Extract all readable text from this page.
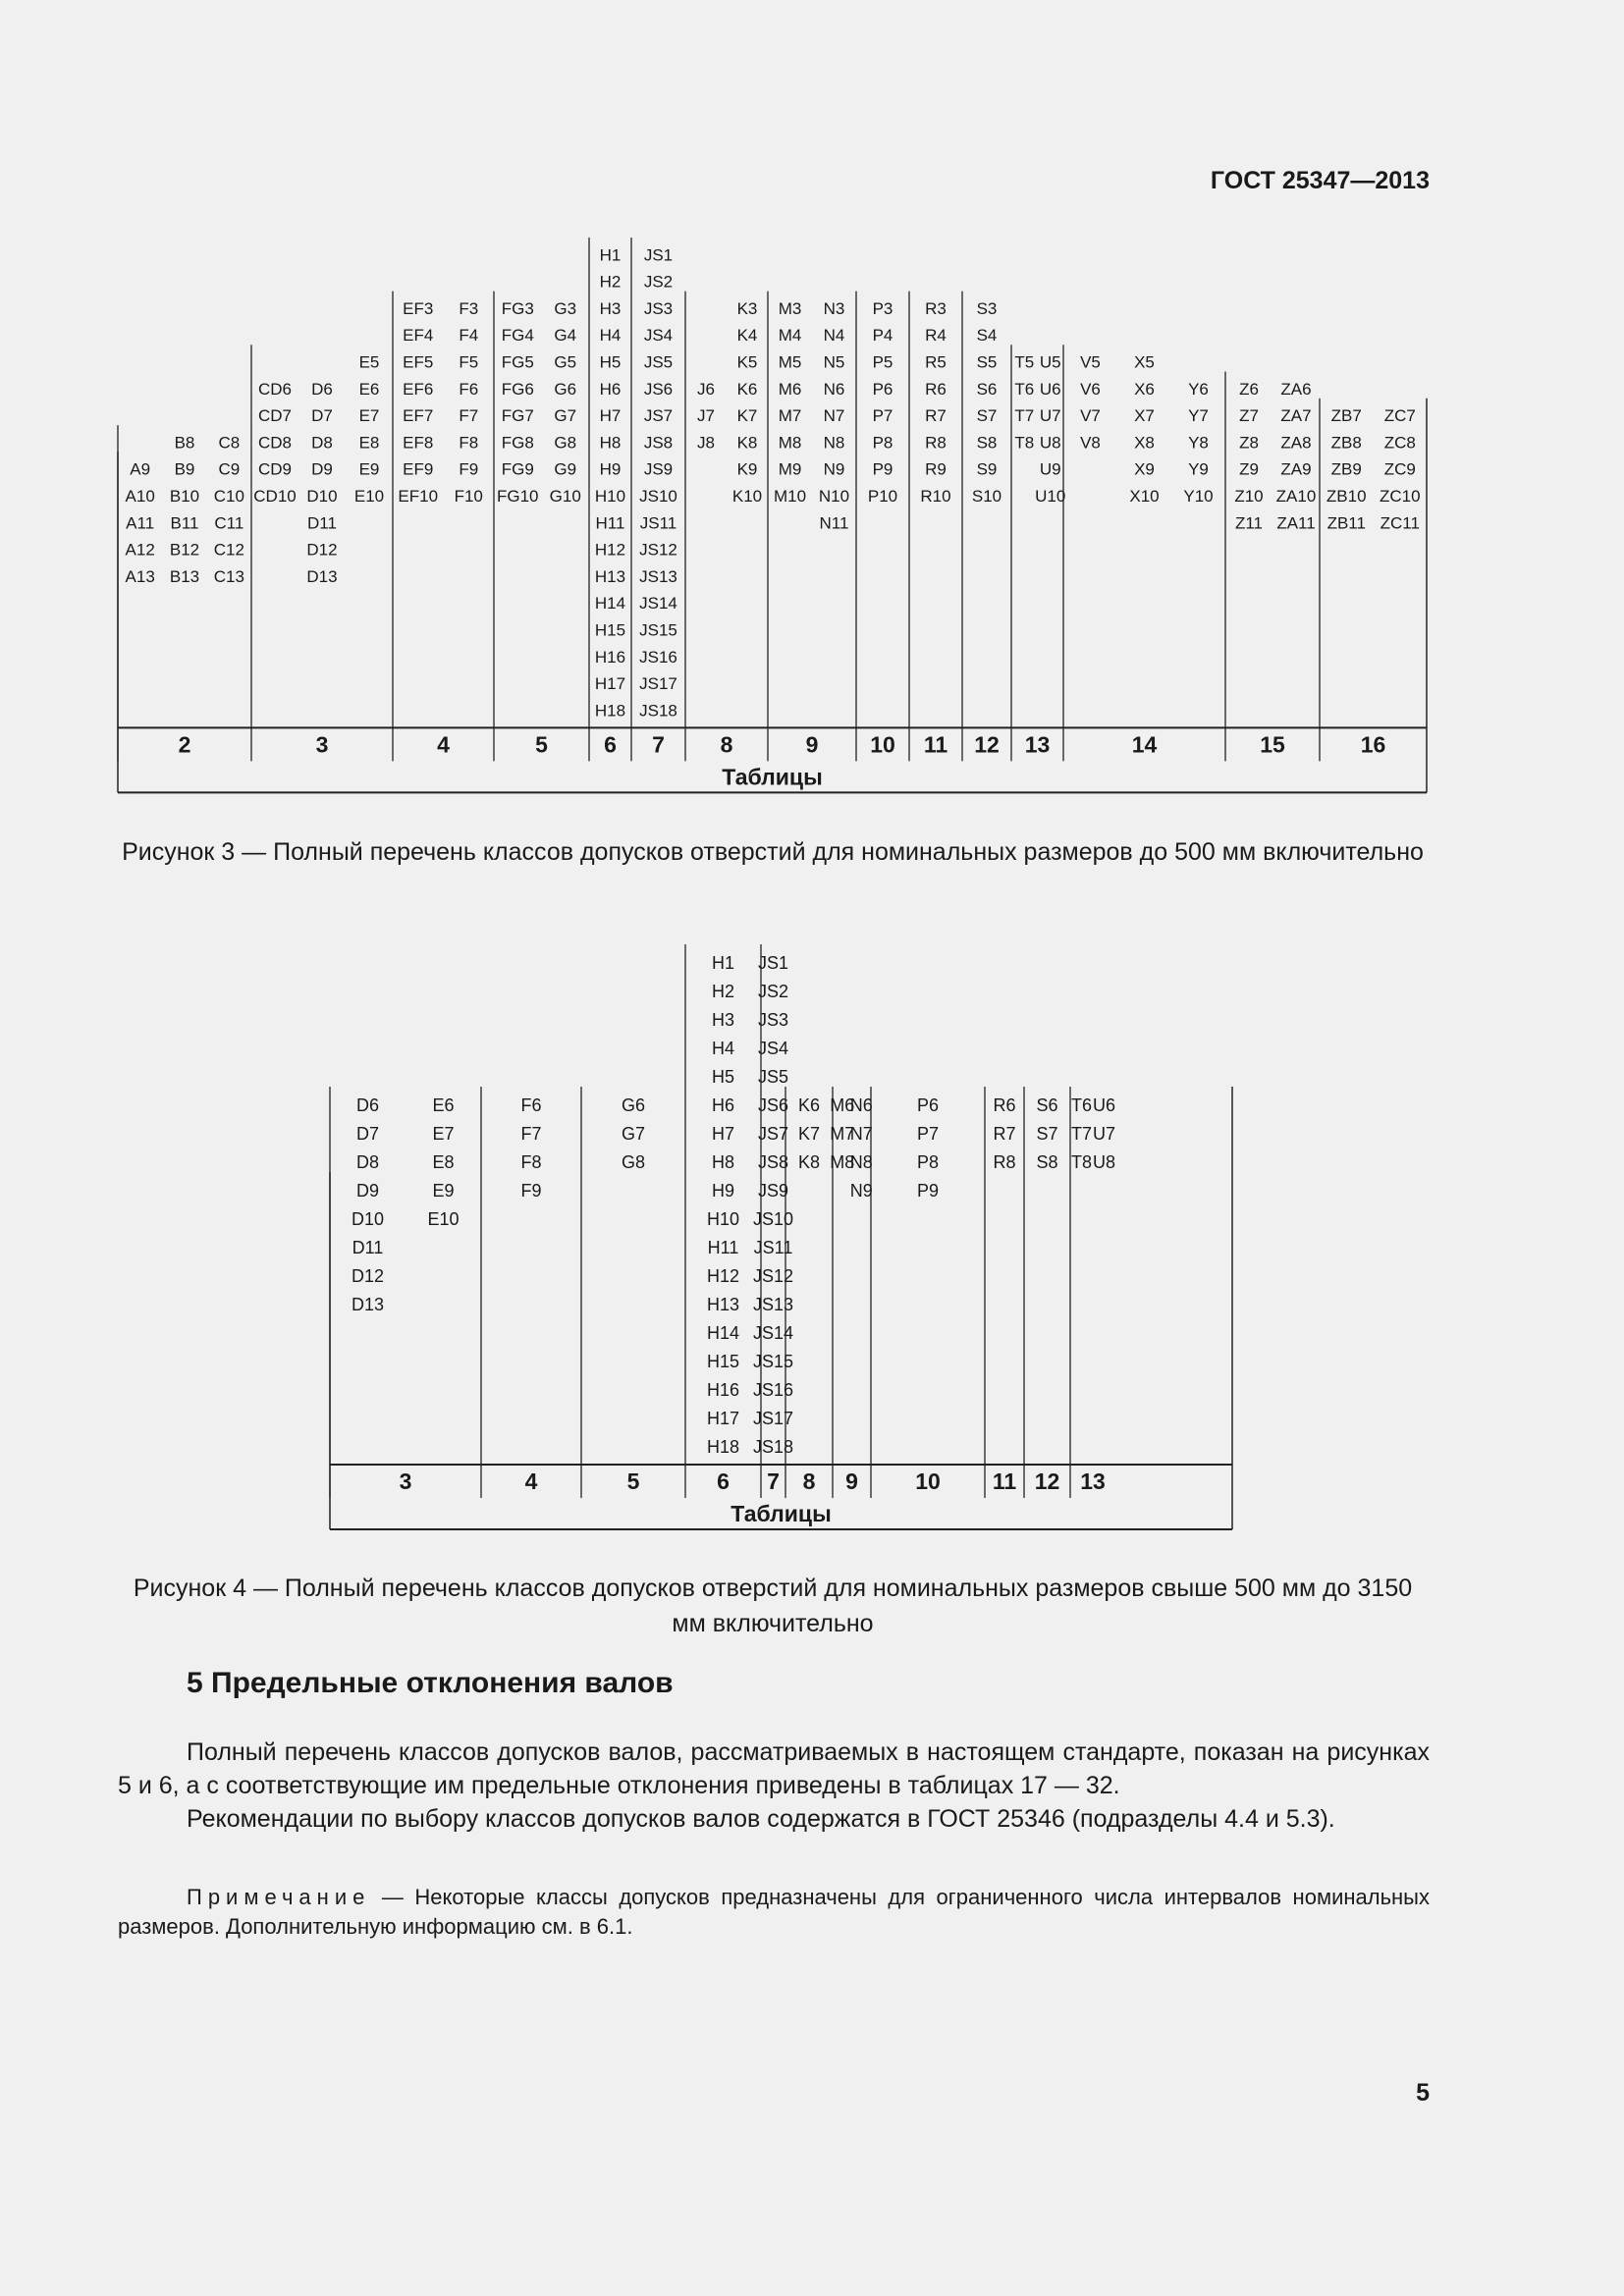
ГОСТ 25347—2013
A9
A10
A11
A12
A13
B8
B9
B10
B11
B12
B13
C8
C9
C10
C11
C12
C13
2
CD6
CD7
CD8
CD9
CD10
D6
D7
D8
D9
D10
D11
D12
D13
E5
E6
E7
E8
E9
E10
3
EF3
EF4
EF5
EF6
EF7
EF8
EF9
EF10
F3
F4
F5
F6
F7
F8
F9
F10
4
FG3
FG4
FG5
FG6
FG7
FG8
FG9
FG10
G3
G4
G5
G6
G7
G8
G9
G10
5
H1
H2
H3
H4
H5
H6
H7
H8
H9
H10
H11
H12
H13
H14
H15
H16
H17
H18
6
JS1
JS2
JS3
JS4
JS5
JS6
JS7
JS8
JS9
JS10
JS11
JS12
JS13
JS14
JS15
JS16
JS17
JS18
7
J6
J7
J8
K3
K4
K5
K6
K7
K8
K9
K10
8
M3
M4
M5
M6
M7
M8
M9
M10
N3
N4
N5
N6
N7
N8
N9
N10
N11
9
P3
P4
P5
P6
P7
P8
P9
P10
10
R3
R4
R5
R6
R7
R8
R9
R10
11
S3
S4
S5
S6
S7
S8
S9
S10
12
T5
T6
T7
T8
U5
U6
U7
U8
U9
U10
13
V5
V6
V7
V8
X5
X6
X7
X8
X9
X10
Y6
Y7
Y8
Y9
Y10
14
Z6
Z7
Z8
Z9
Z10
Z11
ZA6
ZA7
ZA8
ZA9
ZA10
ZA11
15
ZB7
ZB8
ZB9
ZB10
ZB11
ZC7
ZC8
ZC9
ZC10
ZC11
16
Таблицы
Рисунок 3 — Полный перечень классов допусков отверстий для номинальных размеров до 500 мм включительно
D6
D7
D8
D9
D10
D11
D12
D13
E6
E7
E8
E9
E10
3
F6
F7
F8
F9
4
G6
G7
G8
5
H1
H2
H3
H4
H5
H6
H7
H8
H9
H10
H11
H12
H13
H14
H15
H16
H17
H18
6
JS1
JS2
JS3
JS4
JS5
JS6
JS7
JS8
JS9
JS10
JS11
JS12
JS13
JS14
JS15
JS16
JS17
JS18
7
K6
K7
K8
8
M6
M7
M8
N6
N7
N8
N9
9
P6
P7
P8
P9
10
R6
R7
R8
11
S6
S7
S8
12
T6
T7
T8
U6
U7
U8
13
Таблицы
Рисунок 4 — Полный перечень классов допусков отверстий для номинальных размеров свыше 500 мм до 3150 мм включительно
5 Предельные отклонения валов
Полный перечень классов допусков валов, рассматриваемых в настоящем стандарте, показан на рисунках 5 и 6, а с соответствующие им предельные отклонения приведены в таблицах 17 — 32.
Рекомендации по выбору классов допусков валов содержатся в ГОСТ 25346 (подразделы 4.4 и 5.3).
Примечание — Некоторые классы допусков предназначены для ограниченного числа интервалов номинальных размеров. Дополнительную информацию см. в 6.1.
5
